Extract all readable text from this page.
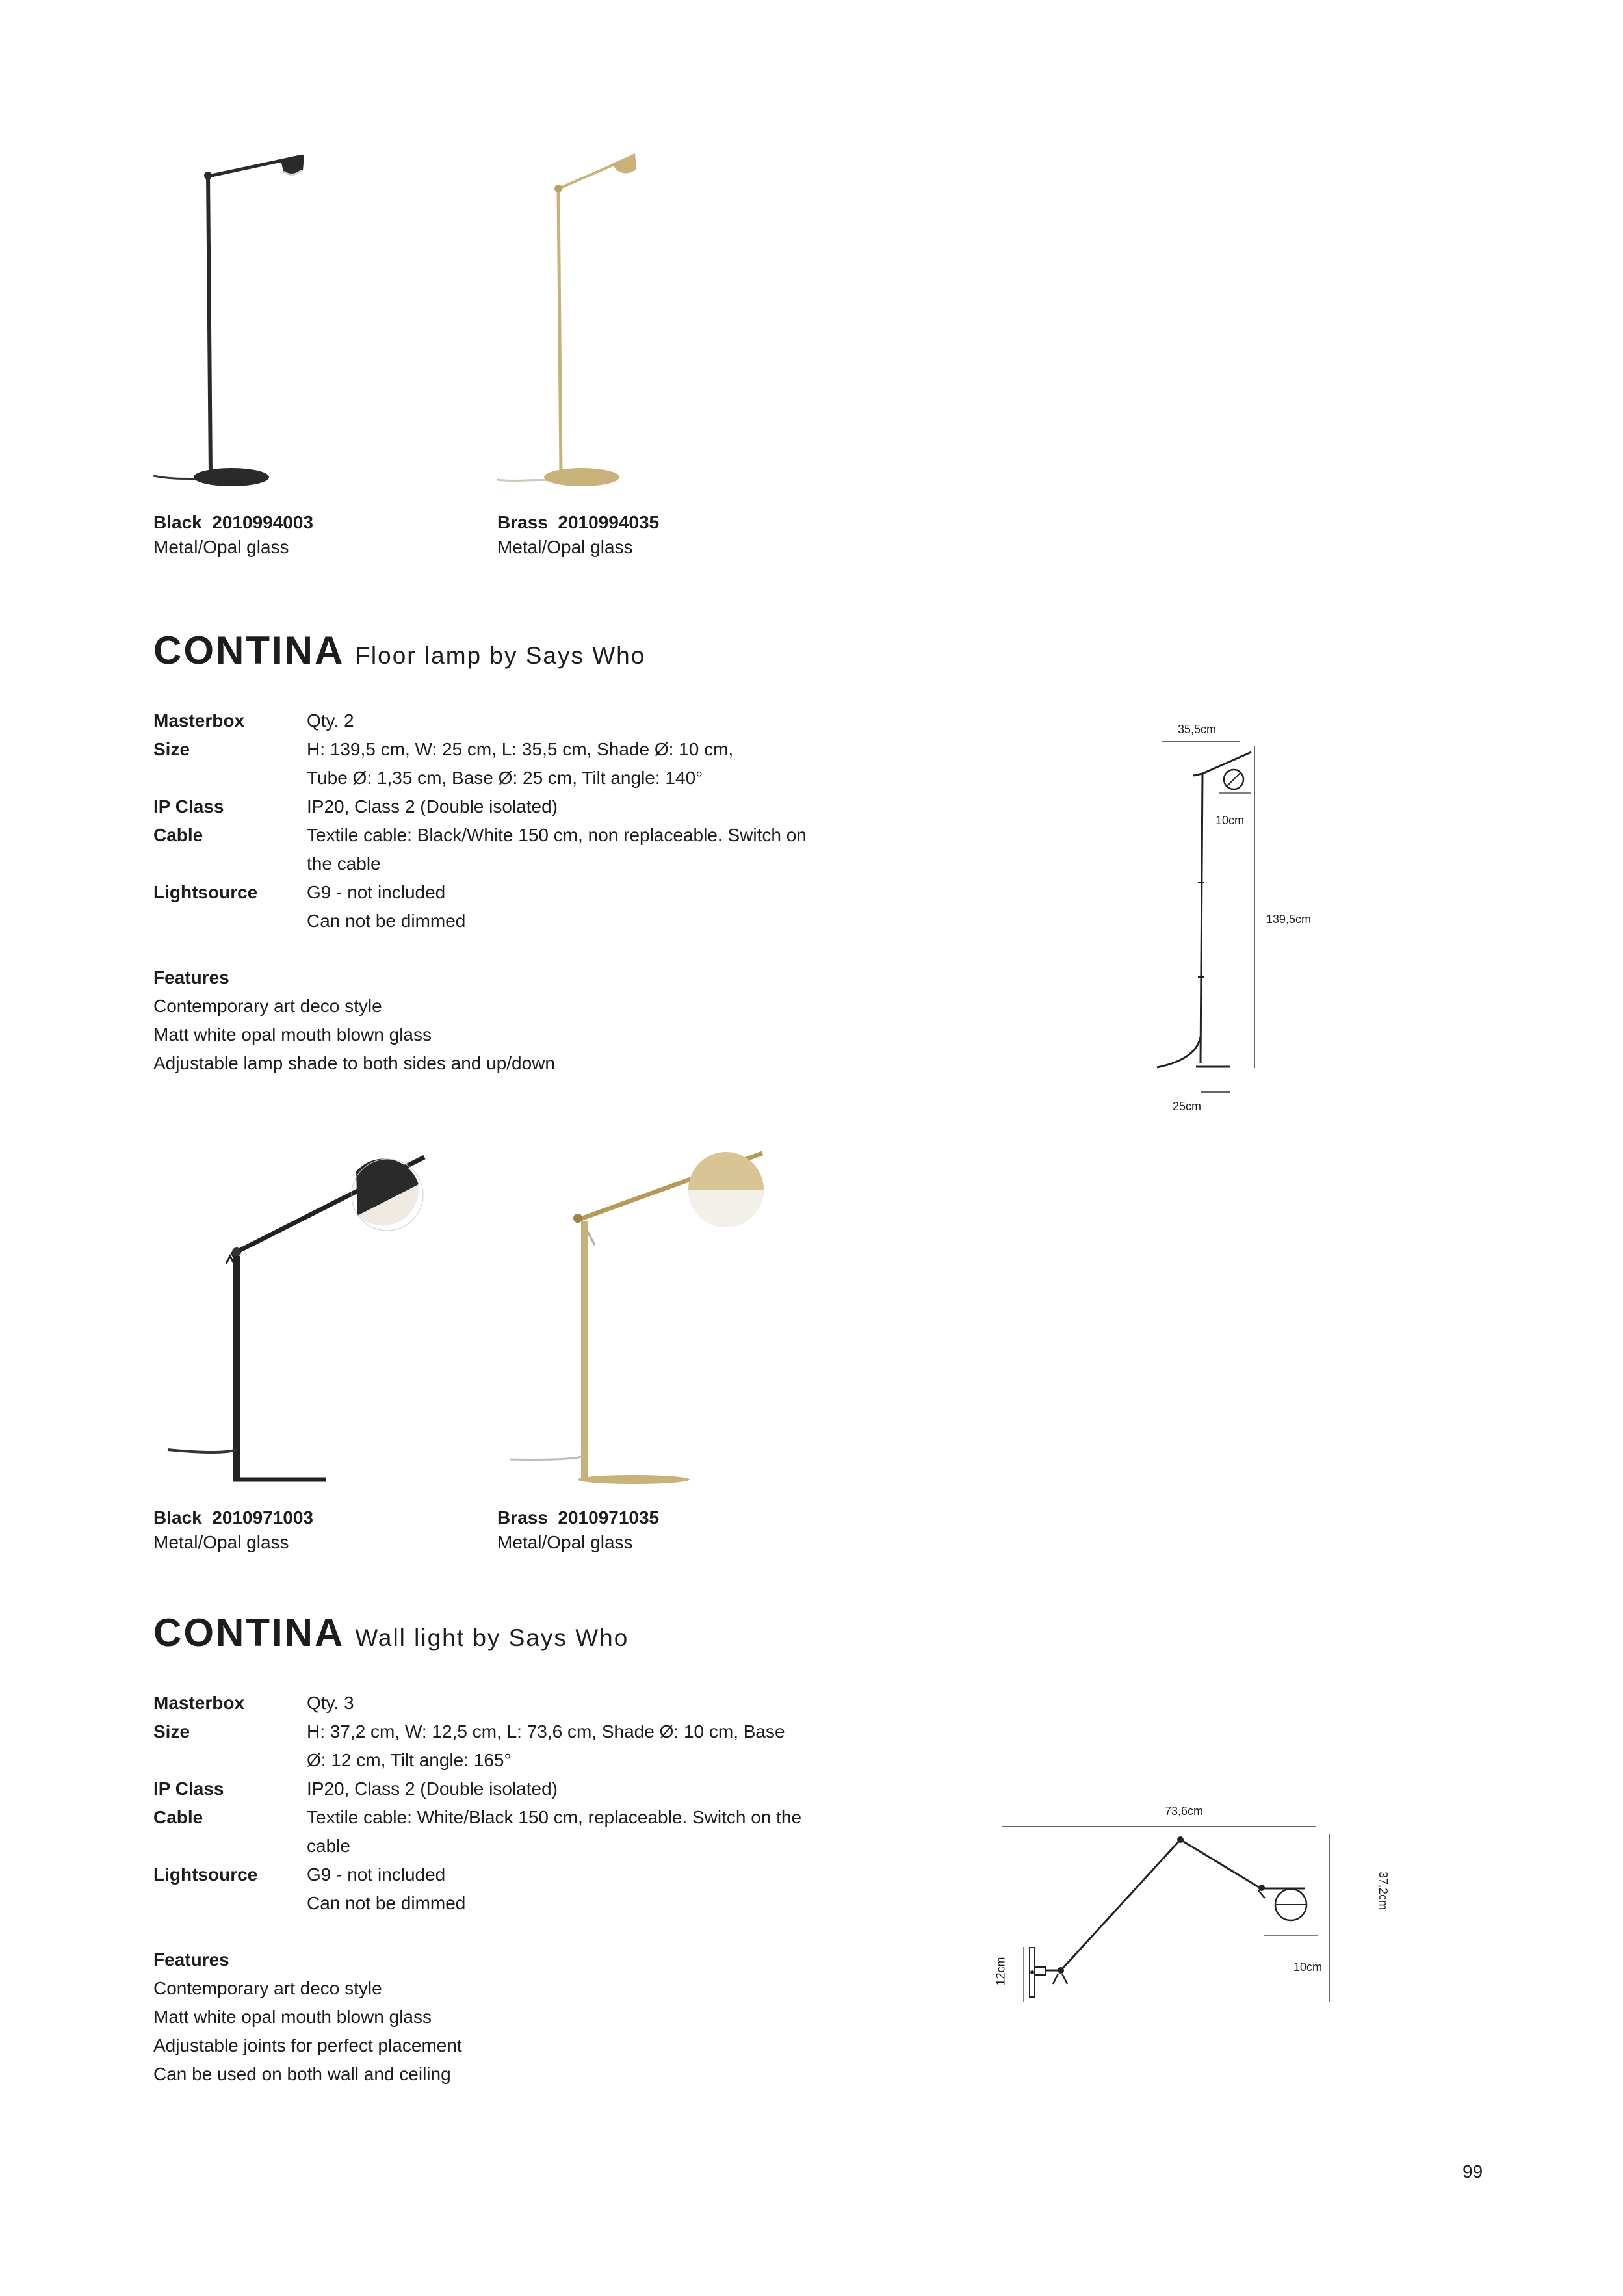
Black 2010994003
Metal/Opal glass
Brass 2010994035
Metal/Opal glass
CONTINA Floor lamp by Says Who
Masterbox	Qty. 2
Size	H: 139,5 cm, W: 25 cm, L: 35,5 cm, Shade Ø: 10 cm,
Tube Ø: 1,35 cm, Base Ø: 25 cm, Tilt angle: 140°
IP Class	IP20, Class 2 (Double isolated)
Cable	Textile cable: Black/White 150 cm, non replaceable. Switch on
the cable
Lightsource	G9 - not included
Can not be dimmed
Features
Contemporary art deco style
Matt white opal mouth blown glass
Adjustable lamp shade to both sides and up/down
35,5cm
10cm
139,5cm
25cm
Black 2010971003
Metal/Opal glass
Brass 2010971035
Metal/Opal glass
CONTINA Wall light by Says Who
Masterbox	Qty. 3
Size	H: 37,2 cm, W: 12,5 cm, L: 73,6 cm, Shade Ø: 10 cm, Base
Ø: 12 cm, Tilt angle: 165°
IP Class	IP20, Class 2 (Double isolated)
Cable	Textile cable: White/Black 150 cm, replaceable. Switch on the
cable
Lightsource	G9 - not included
Can not be dimmed
Features
Contemporary art deco style
Matt white opal mouth blown glass
Adjustable joints for perfect placement
Can be used on both wall and ceiling
73,6cm
37,2cm
12cm	10cm
99
